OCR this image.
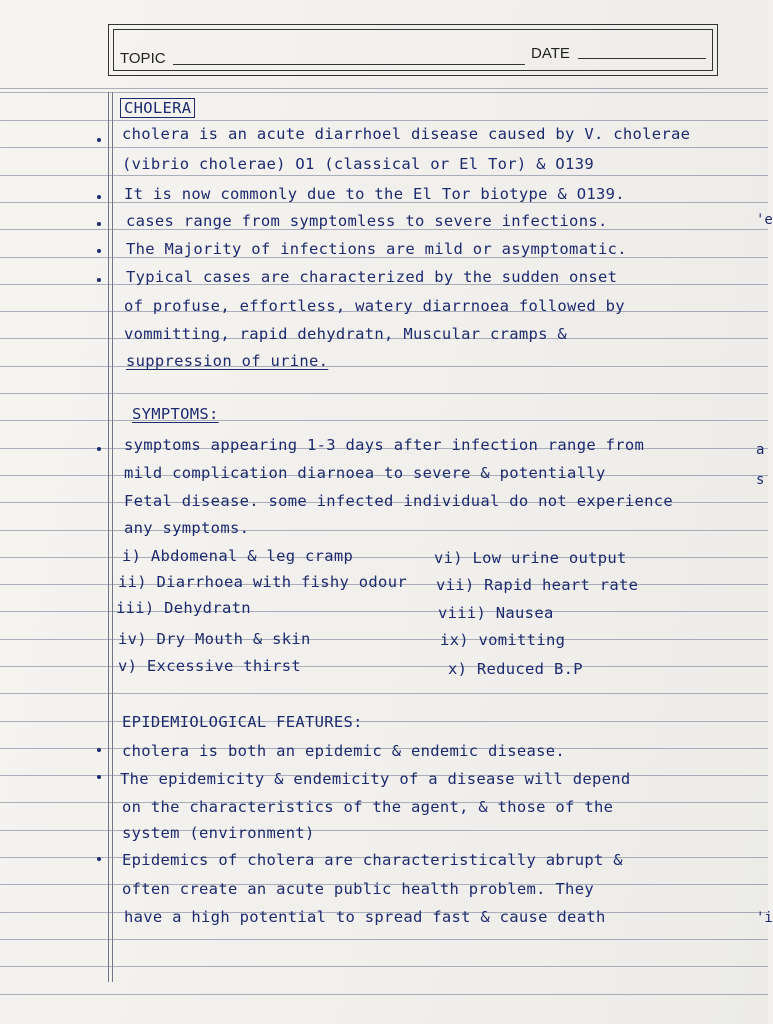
TOPIC	DATE
CHOLERA
cholera is an acute diarrhoel disease caused by V. cholerae
(vibrio cholerae) O1 (classical or El Tor) & O139
It is now commonly due to the El Tor biotype & O139.
cases range from symptomless to severe infections.
The Majority of infections are mild or asymptomatic.
Typical cases are characterized by the sudden onset
of profuse, effortless, watery diarrnoea followed by
vommitting, rapid dehydratn, Muscular cramps &
suppression of urine.
SYMPTOMS:
symptoms appearing 1-3 days after infection range from
mild complication diarnoea to severe & potentially
Fetal disease. some infected individual do not experience
any symptoms.
i) Abdomenal & leg cramp
ii) Diarrhoea with fishy odour
iii) Dehydratn
iv) Dry Mouth & skin
v) Excessive thirst
vi) Low urine output
vii) Rapid heart rate
viii) Nausea
ix) vomitting
x) Reduced B.P
EPIDEMIOLOGICAL FEATURES:
cholera is both an epidemic & endemic disease.
The epidemicity & endemicity of a disease will depend
on the characteristics of the agent, & those of the
system (environment)
Epidemics of cholera are characteristically abrupt &
often create an acute public health problem. They
have a high potential to spread fast & cause death
'e
a
s
'i
